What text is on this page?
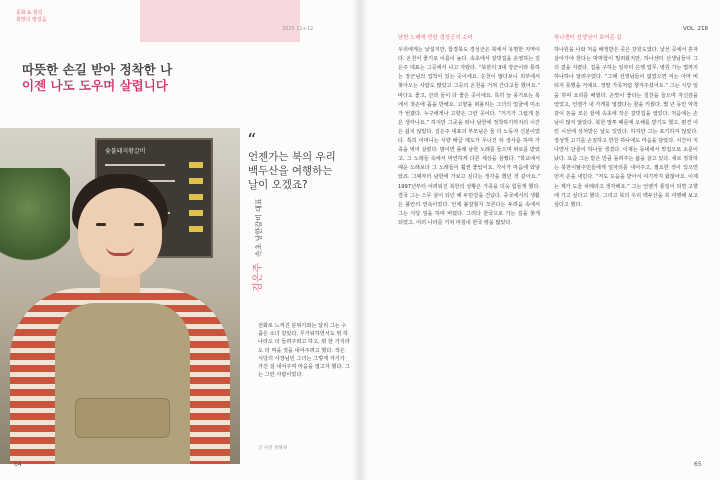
문화 & 힐링
희망의 발걸음
2025 11+12
따뜻한 손길 받아 정착한 나
이젠 나도 도우며 살렵니다
숯불돼지왕갈비
“
언젠가는 북의 우리 백두산을 여행하는 날이 오겠죠?
김은주속초 남한갈비 대표
전화로 느껴진 분위기와는 달리 그는 수줍은 소녀 같았다. 무거워하면서도 뭐 하나라도 더 들려주려고 하고, 뭐 한 가지라도 더 먹을 것을 내어주려고 했다. 작은 식당의 사장님인 그녀는 그렇게 자기가 가진 걸 내어주며 마음을 열고자 했다. 그는 그런 사람이었다.
글 사진 정해경
64
VOL. 218
남한 노래에 반한 경성군의 소녀
우리에게는 낯설지만, 함경북도 경성군은 북에서 유명한 지역이다. 온천이 좋기로 이름이 높다. 속초에서 갈빗집을 운영하는 김은주 대표는 그곳에서 나고 자랐다. “북한의 3대 장군이라 통하는 장군님의 업적이 있는 곳이에요. 온천이 많다보니 외부에서 찾아오는 사람도 많았고 그곳의 온천을 거쳐 간다고들 했어요.” 바다도 좋고, 산과 들이 다 좋은 곳이에요. 특히 늘 풍기로는 북에서 첫손에 꼽을 만해요. 고향을 떠올리는 그녀의 얼굴에 미소가 번졌다. 누구에게나 고향은 그런 곳이다. “거기가 그립게 돈은 생각나요.” 하지만 그곳을 떠나 남한에 정착하기까지의 시간은 쉽지 않았다. 김은주 대표의 부모님은 둘 다 노동자 신분이었다. 특히 어머니는 식량 배급 제도가 무너진 뒤 장사를 하며 가족을 먹여 살렸다. 밤이면 몰래 남한 노래를 들으며 위로를 받았고, 그 노래들 속에서 막연하게 다른 세상을 꿈꿨다. “학교에서 배운 노래보다 그 노래들이 훨씬 좋았어요. 가사가 마음에 와닿았죠. 그때부터 남한에 가보고 싶다는 생각을 했던 것 같아요.” 1997년부터 어려워진 북한의 상황은 가족을 더욱 힘들게 했다. 결국 그는 스무 살이 되던 해 두만강을 건넜다. 중국에서의 생활은 불안의 연속이었다. 언제 붙잡힐지 모른다는 두려움 속에서 그는 식당 일을 하며 버텼다. 그러다 한국으로 가는 길을 찾게 되었고, 여러 나라를 거쳐 마침내 한국 땅을 밟았다.
하나센터 선생님이 보여준 길
하나원을 나와 처음 배정받은 곳은 강원도였다. 낯선 곳에서 혼자 살아가야 한다는 막막함이 밀려왔지만, 하나센터 선생님들이 그의 곁을 지켰다. 집을 구하는 일부터 은행 업무, 병원 가는 법까지 하나하나 알려주었다. “그때 선생님들이 없었으면 저는 아마 버티지 못했을 거예요. 정말 가족처럼 챙겨주셨어요.” 그는 식당 일을 하며 요리를 배웠다. 손맛이 좋다는 칭찬을 들으며 자신감을 얻었고, 언젠가 내 가게를 열겠다는 꿈을 키웠다. 몇 년 동안 악착같이 돈을 모은 끝에 속초에 작은 갈빗집을 열었다. 처음에는 손님이 많지 않았다. 북한 말투 때문에 오해를 받기도 했고, 편견 어린 시선에 상처받은 날도 있었다. 하지만 그는 포기하지 않았다. 정성껏 고기를 손질하고 반찬 하나에도 마음을 담았다. 시간이 지나면서 단골이 하나둘 생겼다. 이제는 동네에서 맛집으로 소문이 났다. 요즘 그는 받은 만큼 돌려주는 삶을 살고 있다. 새로 정착하는 북한이탈주민들에게 일자리를 내어주고, 필요한 것이 있으면 먼저 손을 내민다. “저도 도움을 받아서 여기까지 왔잖아요. 이제는 제가 도울 차례라고 생각해요.” 그는 언젠가 통일이 되면 고향에 가고 싶다고 했다. 그리고 북의 우리 백두산을 꼭 여행해 보고 싶다고 했다.
65
